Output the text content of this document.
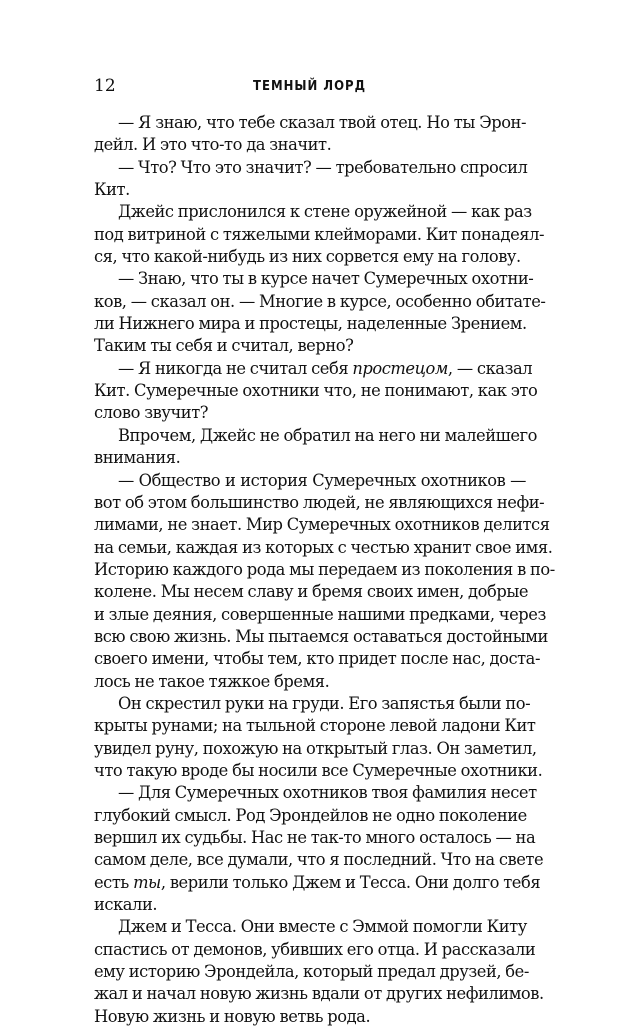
12	ТЕМНЫЙ ЛОРД
— Я знаю, что тебе сказал твой отец. Но ты Эрон-
дейл. И это что-то да значит.
— Что? Что это значит? — требовательно спросил
Кит.
Джейс прислонился к стене оружейной — как раз
под витриной с тяжелыми клейморами. Кит понадеял-
ся, что какой-нибудь из них сорвется ему на голову.
— Знаю, что ты в курсе начет Сумеречных охотни-
ков, — сказал он. — Многие в курсе, особенно обитате-
ли Нижнего мира и простецы, наделенные Зрением.
Таким ты себя и считал, верно?
— Я никогда не считал себя простецом, — сказал
Кит. Сумеречные охотники что, не понимают, как это
слово звучит?
Впрочем, Джейс не обратил на него ни малейшего
внимания.
— Общество и история Сумеречных охотников —
вот об этом большинство людей, не являющихся нефи-
лимами, не знает. Мир Сумеречных охотников делится
на семьи, каждая из которых с честью хранит свое имя.
Историю каждого рода мы передаем из поколения в по-
колене. Мы несем славу и бремя своих имен, добрые
и злые деяния, совершенные нашими предками, через
всю свою жизнь. Мы пытаемся оставаться достойными
своего имени, чтобы тем, кто придет после нас, доста-
лось не такое тяжкое бремя.
Он скрестил руки на груди. Его запястья были по-
крыты рунами; на тыльной стороне левой ладони Кит
увидел руну, похожую на открытый глаз. Он заметил,
что такую вроде бы носили все Сумеречные охотники.
— Для Сумеречных охотников твоя фамилия несет
глубокий смысл. Род Эрондейлов не одно поколение
вершил их судьбы. Нас не так-то много осталось — на
самом деле, все думали, что я последний. Что на свете
есть ты, верили только Джем и Тесса. Они долго тебя
искали.
Джем и Тесса. Они вместе с Эммой помогли Киту
спастись от демонов, убивших его отца. И рассказали
ему историю Эрондейла, который предал друзей, бе-
жал и начал новую жизнь вдали от других нефилимов.
Новую жизнь и новую ветвь рода.
